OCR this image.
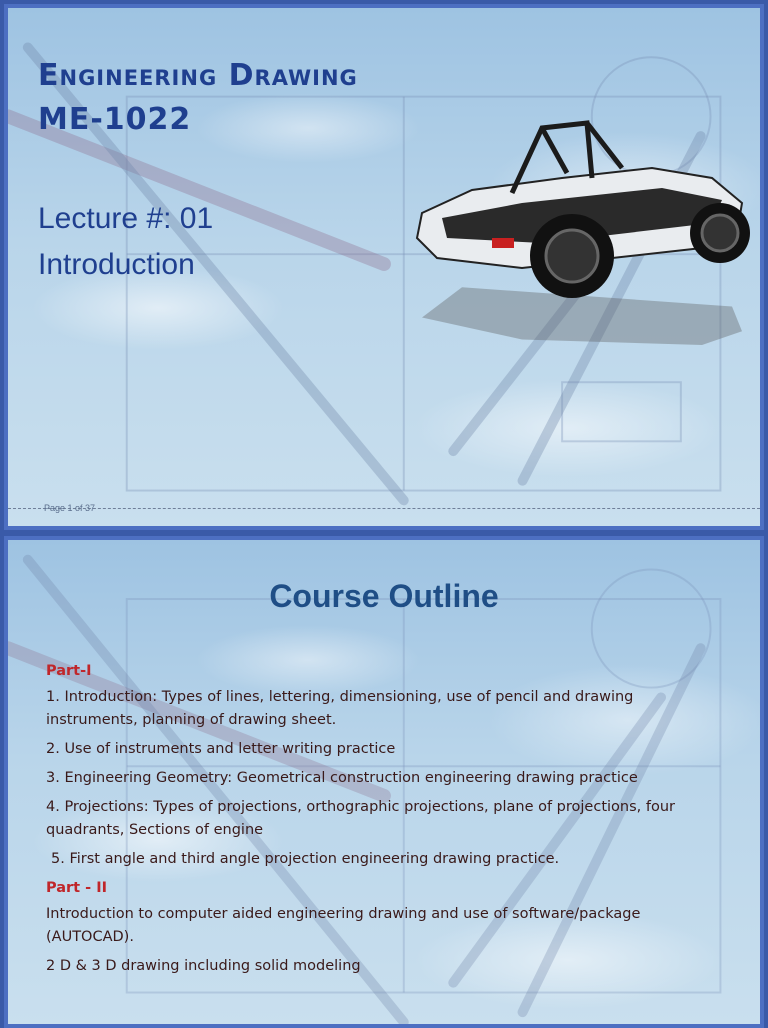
Engineering Drawing
ME-1022
Lecture #: 01
Introduction
Page 1 of 37
Course Outline
Part-I
1. Introduction: Types of lines, lettering, dimensioning, use of pencil and drawing instruments, planning of drawing sheet.
2. Use of instruments and letter writing practice
3. Engineering Geometry: Geometrical construction engineering drawing practice
4. Projections: Types of projections, orthographic projections, plane of projections, four quadrants, Sections of engine
5. First angle and third angle projection engineering drawing practice.
Part - II
Introduction to computer aided engineering drawing and use of software/package (AUTOCAD).
2 D & 3 D drawing including solid modeling
